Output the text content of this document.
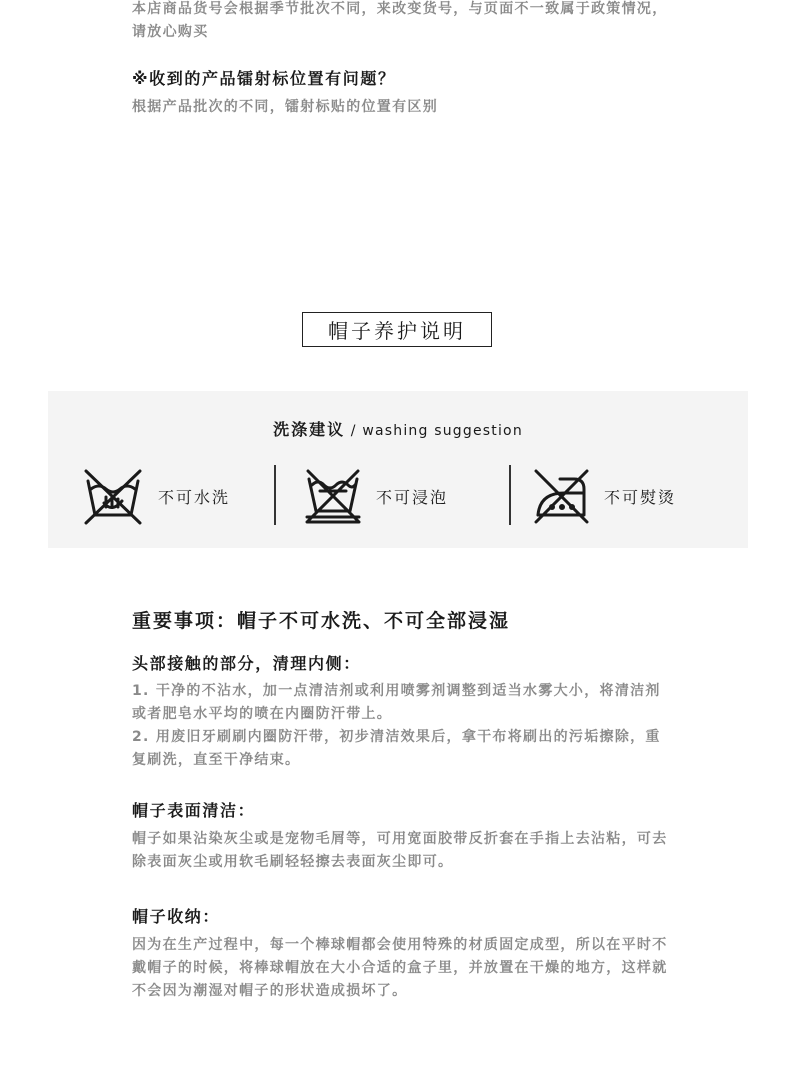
本店商品货号会根据季节批次不同，来改变货号，与页面不一致属于政策情况，请放心购买

※收到的产品镭射标位置有问题？

根据产品批次的不同，镭射标贴的位置有区别

帽子养护说明
洗涤建议 / washing suggestion
不可水洗	不可浸泡	不可熨烫

重要事项：帽子不可水洗、不可全部浸湿

头部接触的部分，清理内侧：

1. 干净的不沾水，加一点清洁剂或利用喷雾剂调整到适当水雾大小，将清洁剂或者肥皂水平均的喷在内圈防汗带上。

2. 用废旧牙刷刷内圈防汗带，初步清洁效果后，拿干布将刷出的污垢擦除，重复刷洗，直至干净结束。

帽子表面清洁：

帽子如果沾染灰尘或是宠物毛屑等，可用宽面胶带反折套在手指上去沾粘，可去除表面灰尘或用软毛刷轻轻擦去表面灰尘即可。

帽子收纳：

因为在生产过程中，每一个棒球帽都会使用特殊的材质固定成型，所以在平时不戴帽子的时候，将棒球帽放在大小合适的盒子里，并放置在干燥的地方，这样就不会因为潮湿对帽子的形状造成损坏了。
